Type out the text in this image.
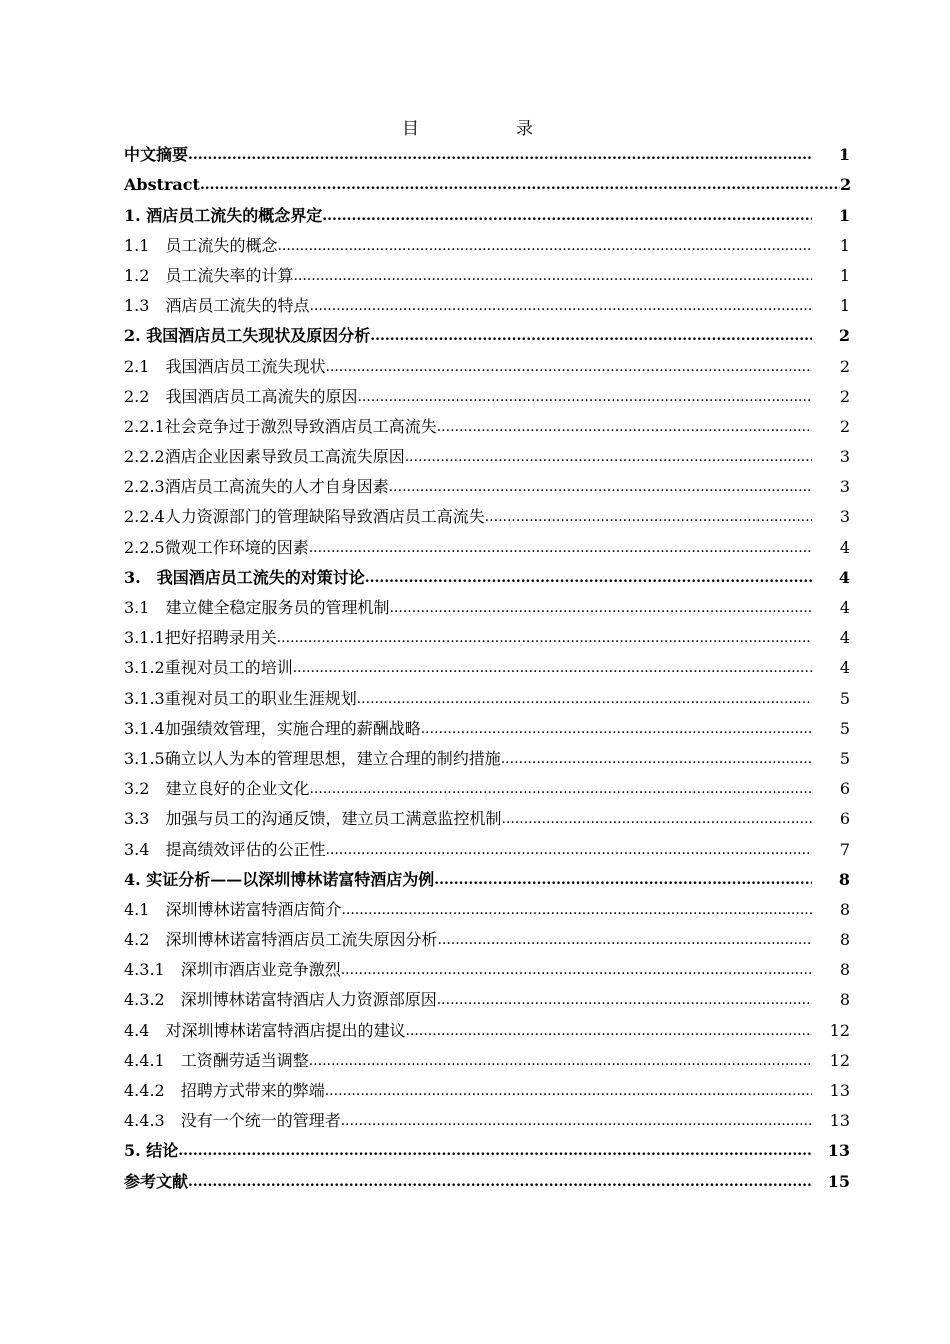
目　录
中文摘要 .....	1
Abstract .....	2
1. 酒店员工流失的概念界定 .....	1
1.1　员工流失的概念 .....	1
1.2　员工流失率的计算 .....	1
1.3　酒店员工流失的特点 .....	1
2. 我国酒店员工失现状及原因分析 .....	2
2.1　我国酒店员工流失现状 .....	2
2.2　我国酒店员工高流失的原因 .....	2
2.2.1社会竞争过于激烈导致酒店员工高流失 .....	2
2.2.2酒店企业因素导致员工高流失原因 .....	3
2.2.3酒店员工高流失的人才自身因素 .....	3
2.2.4人力资源部门的管理缺陷导致酒店员工高流失 .....	3
2.2.5微观工作环境的因素 .....	4
3.　我国酒店员工流失的对策讨论 .....	4
3.1　建立健全稳定服务员的管理机制 .....	4
3.1.1把好招聘录用关 .....	4
3.1.2重视对员工的培训 .....	4
3.1.3重视对员工的职业生涯规划 .....	5
3.1.4加强绩效管理，实施合理的薪酬战略 .....	5
3.1.5确立以人为本的管理思想，建立合理的制约措施 .....	5
3.2　建立良好的企业文化 .....	6
3.3　加强与员工的沟通反馈，建立员工满意监控机制 .....	6
3.4　提高绩效评估的公正性 .....	7
4. 实证分析——以深圳博林诺富特酒店为例 .....	8
4.1　深圳博林诺富特酒店简介 .....	8
4.2　深圳博林诺富特酒店员工流失原因分析 .....	8
4.3.1　深圳市酒店业竞争激烈 .....	8
4.3.2　深圳博林诺富特酒店人力资源部原因 .....	8
4.4　对深圳博林诺富特酒店提出的建议 .....	12
4.4.1　工资酬劳适当调整 .....	12
4.4.2　招聘方式带来的弊端 .....	13
4.4.3　没有一个统一的管理者 .....	13
5. 结论 .....	13
参考文献 .....	15
